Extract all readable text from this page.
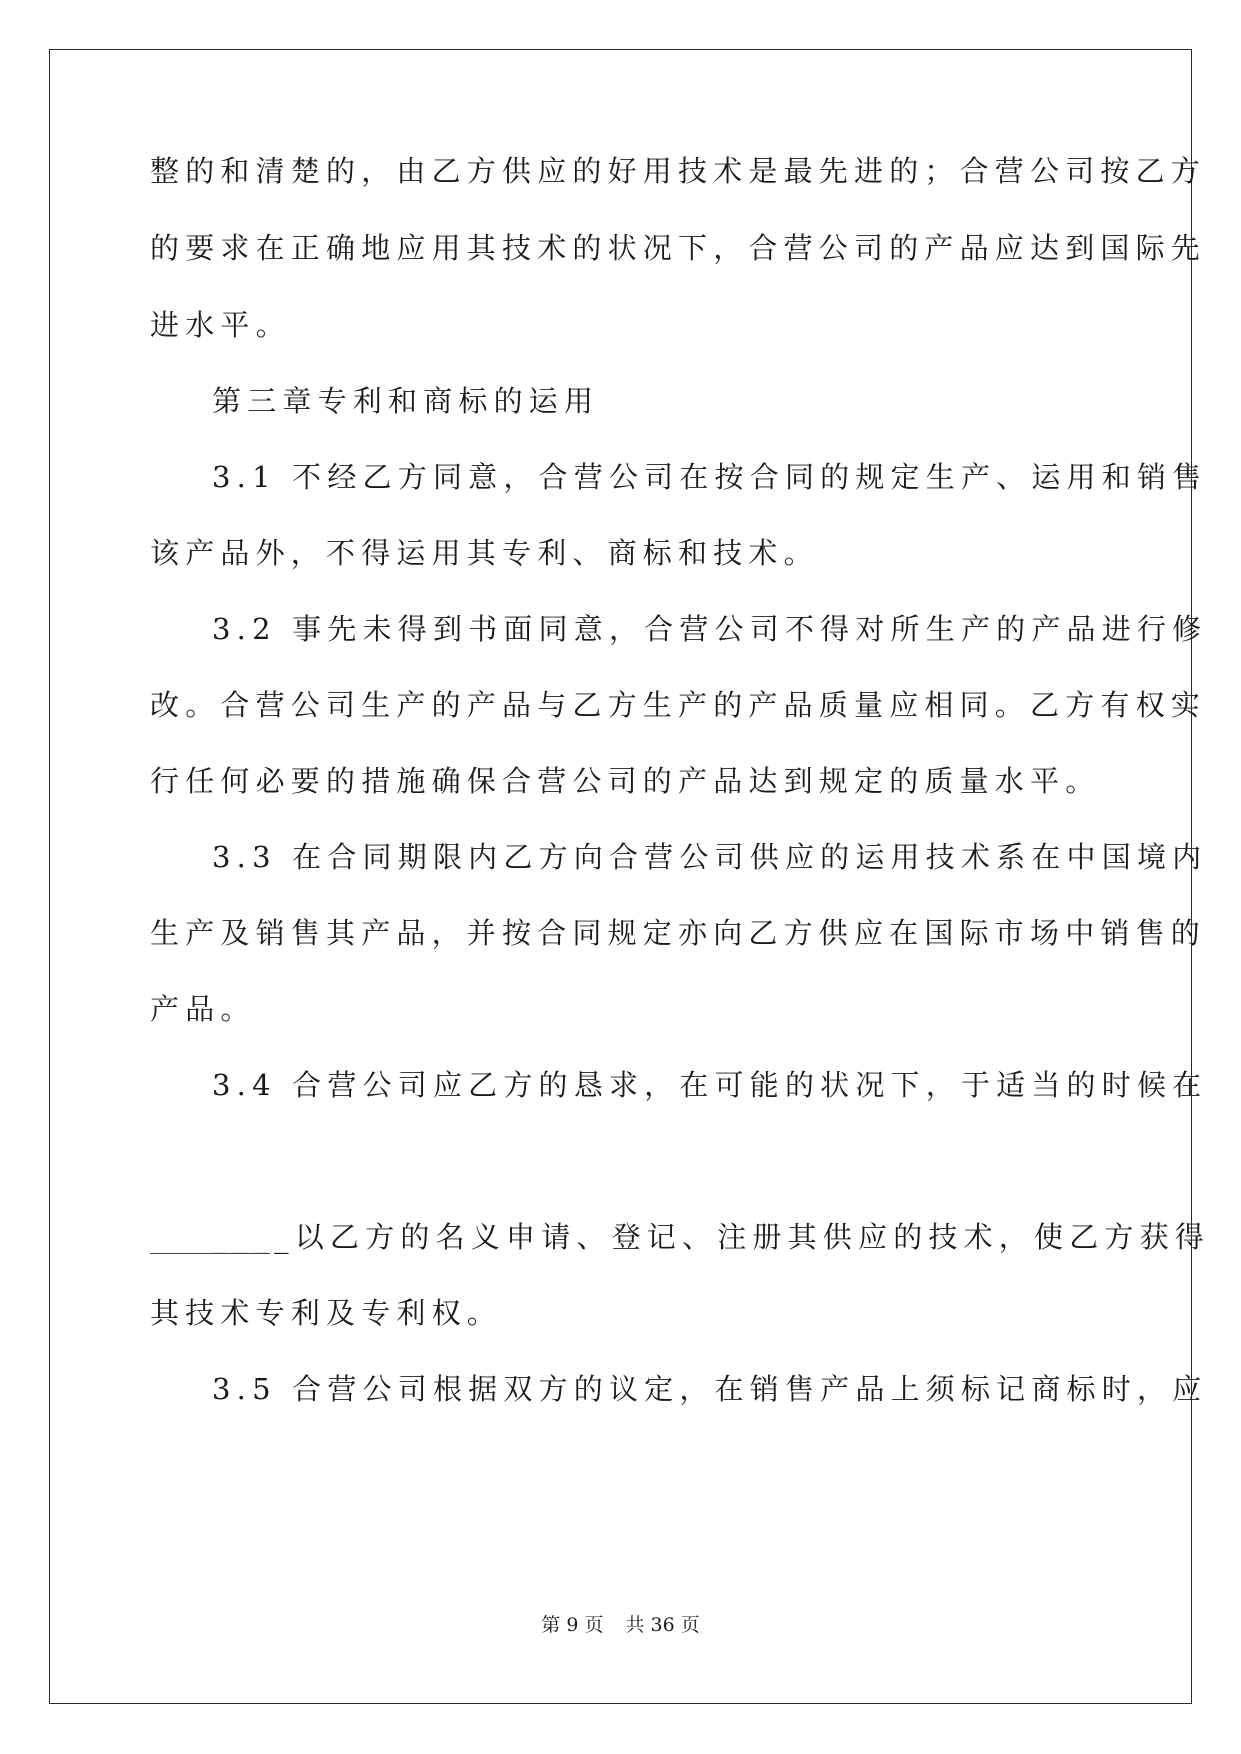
整的和清楚的，由乙方供应的好用技术是最先进的；合营公司按乙方
的要求在正确地应用其技术的状况下，合营公司的产品应达到国际先
进水平。
第三章专利和商标的运用
3.1 不经乙方同意，合营公司在按合同的规定生产、运用和销售
该产品外，不得运用其专利、商标和技术。
3.2 事先未得到书面同意，合营公司不得对所生产的产品进行修
改。合营公司生产的产品与乙方生产的产品质量应相同。乙方有权实
行任何必要的措施确保合营公司的产品达到规定的质量水平。
3.3 在合同期限内乙方向合营公司供应的运用技术系在中国境内
生产及销售其产品，并按合同规定亦向乙方供应在国际市场中销售的
产品。
3.4 合营公司应乙方的恳求，在可能的状况下，于适当的时候在
____以乙方的名义申请、登记、注册其供应的技术，使乙方获得
其技术专利及专利权。
3.5 合营公司根据双方的议定，在销售产品上须标记商标时，应
第 9 页 共 36 页
